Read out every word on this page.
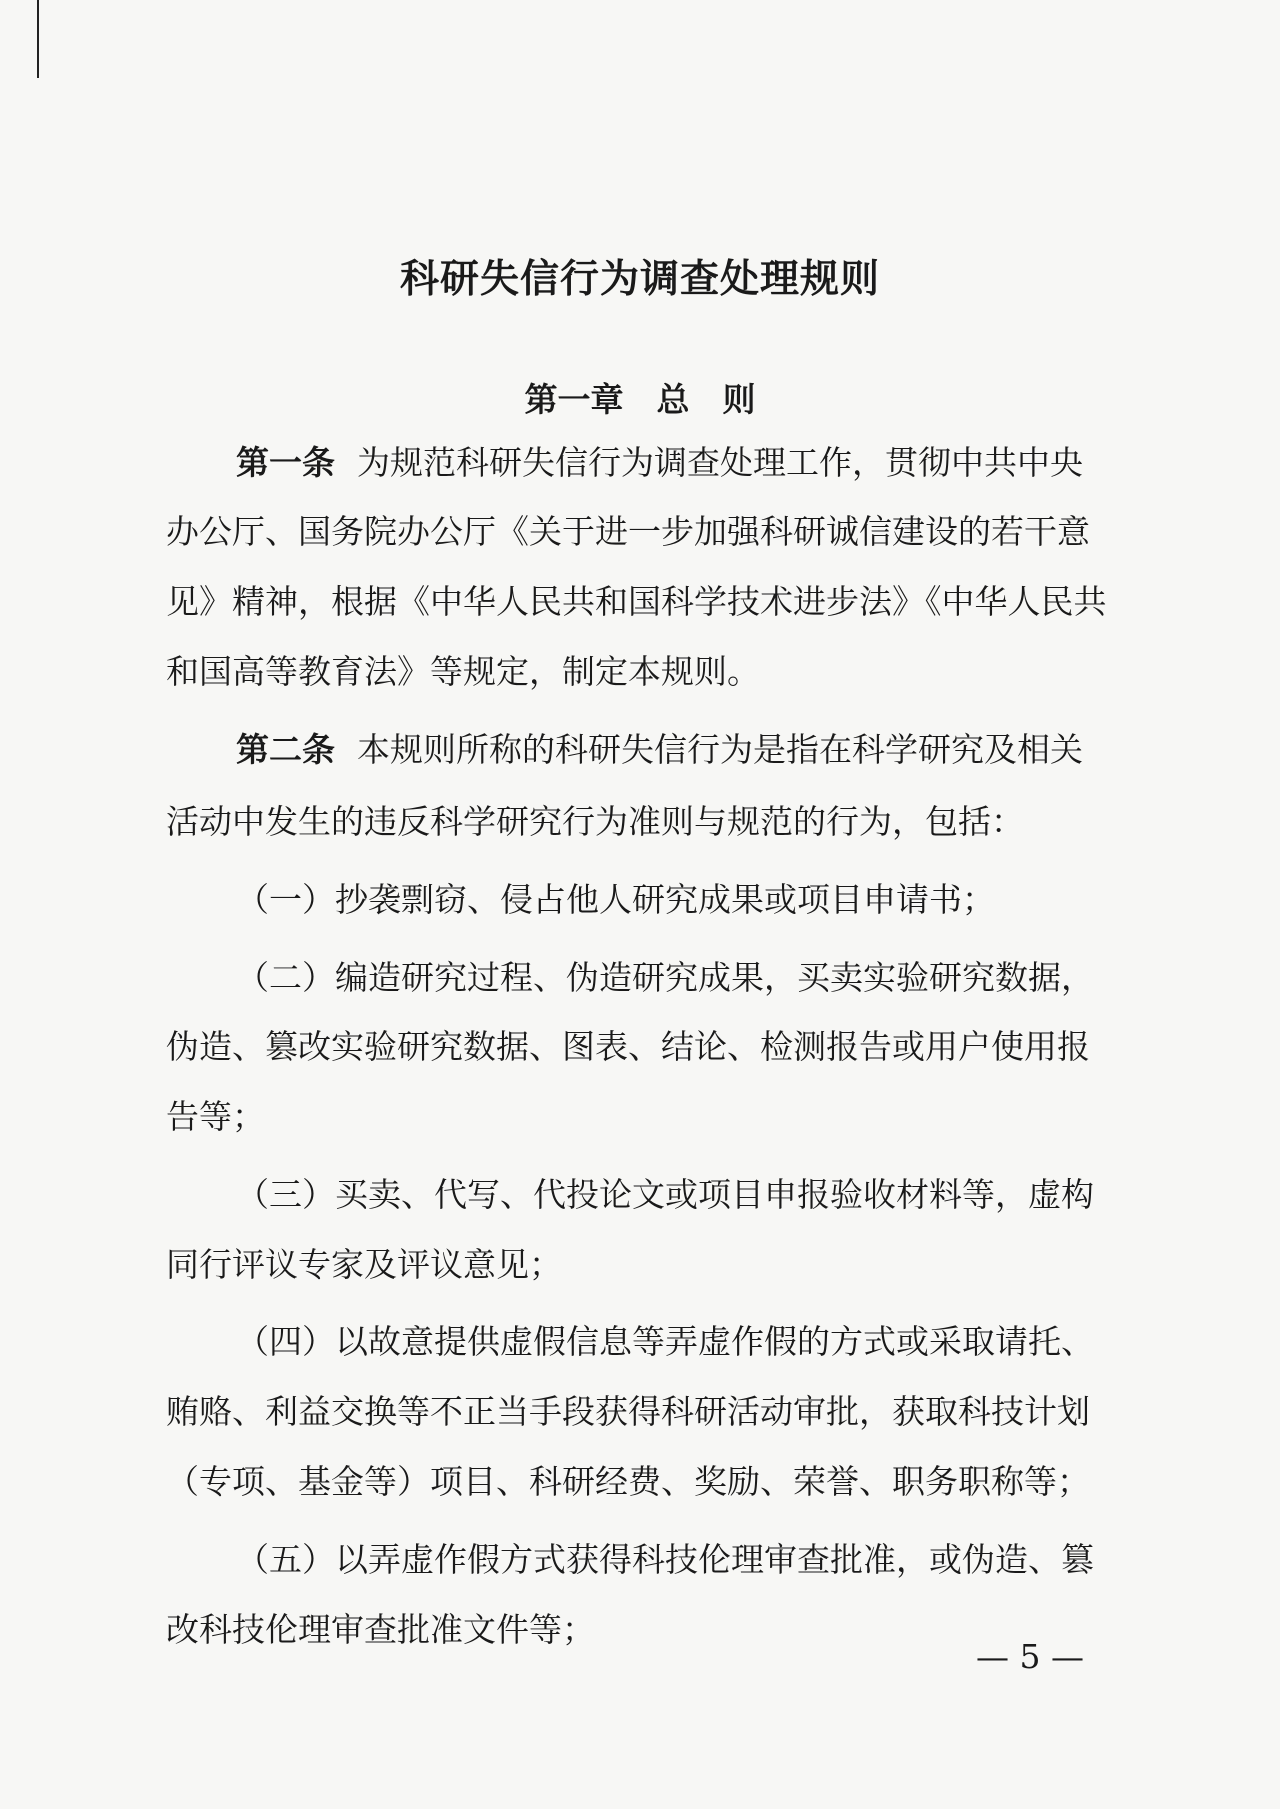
科研失信行为调查处理规则
第一章　总　则
第一条 为规范科研失信行为调查处理工作，贯彻中共中央
办公厅、国务院办公厅《关于进一步加强科研诚信建设的若干意
见》精神，根据《中华人民共和国科学技术进步法》《中华人民共
和国高等教育法》等规定，制定本规则。
第二条 本规则所称的科研失信行为是指在科学研究及相关
活动中发生的违反科学研究行为准则与规范的行为，包括：
（一）抄袭剽窃、侵占他人研究成果或项目申请书；
（二）编造研究过程、伪造研究成果，买卖实验研究数据，
伪造、篡改实验研究数据、图表、结论、检测报告或用户使用报
告等；
（三）买卖、代写、代投论文或项目申报验收材料等，虚构
同行评议专家及评议意见；
（四）以故意提供虚假信息等弄虚作假的方式或采取请托、
贿赂、利益交换等不正当手段获得科研活动审批，获取科技计划
（专项、基金等）项目、科研经费、奖励、荣誉、职务职称等；
（五）以弄虚作假方式获得科技伦理审查批准，或伪造、篡
改科技伦理审查批准文件等；
— 5 —
